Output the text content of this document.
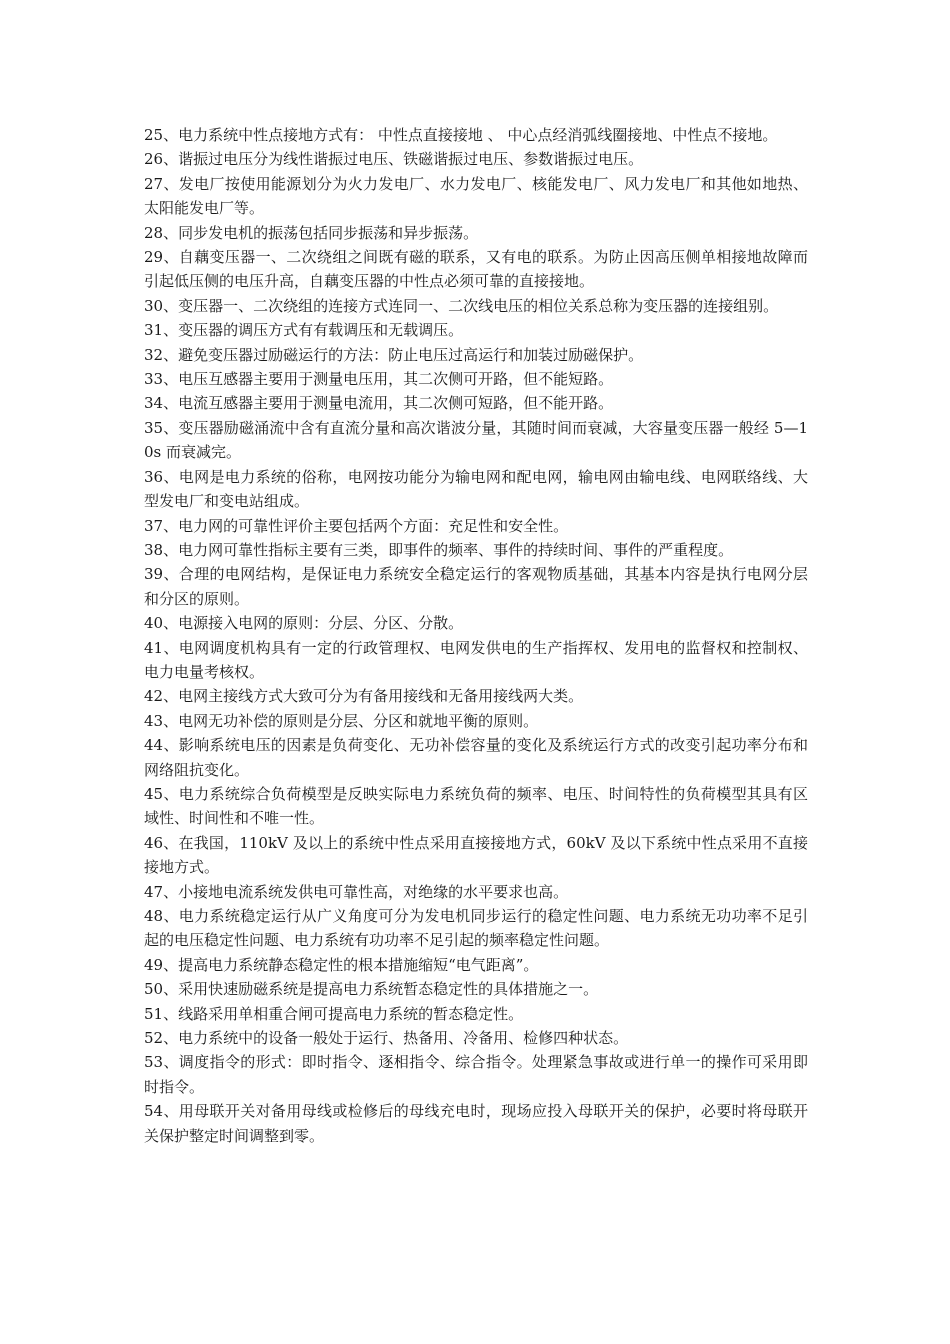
25、电力系统中性点接地方式有： 中性点直接接地 、 中心点经消弧线圈接地、中性点不接地。

26、谐振过电压分为线性谐振过电压、铁磁谐振过电压、参数谐振过电压。

27、发电厂按使用能源划分为火力发电厂、水力发电厂、核能发电厂、风力发电厂和其他如地热、太阳能发电厂等。

28、同步发电机的振荡包括同步振荡和异步振荡。

29、自藕变压器一、二次绕组之间既有磁的联系，又有电的联系。为防止因高压侧单相接地故障而引起低压侧的电压升高，自藕变压器的中性点必须可靠的直接接地。

30、变压器一、二次绕组的连接方式连同一、二次线电压的相位关系总称为变压器的连接组别。

31、变压器的调压方式有有载调压和无载调压。

32、避免变压器过励磁运行的方法：防止电压过高运行和加装过励磁保护。

33、电压互感器主要用于测量电压用，其二次侧可开路，但不能短路。

34、电流互感器主要用于测量电流用，其二次侧可短路，但不能开路。

35、变压器励磁涌流中含有直流分量和高次谐波分量，其随时间而衰减，大容量变压器一般经 5—10s 而衰减完。

36、电网是电力系统的俗称，电网按功能分为输电网和配电网，输电网由输电线、电网联络线、大型发电厂和变电站组成。

37、电力网的可靠性评价主要包括两个方面：充足性和安全性。

38、电力网可靠性指标主要有三类，即事件的频率、事件的持续时间、事件的严重程度。

39、合理的电网结构，是保证电力系统安全稳定运行的客观物质基础，其基本内容是执行电网分层和分区的原则。

40、电源接入电网的原则：分层、分区、分散。

41、电网调度机构具有一定的行政管理权、电网发供电的生产指挥权、发用电的监督权和控制权、电力电量考核权。

42、电网主接线方式大致可分为有备用接线和无备用接线两大类。

43、电网无功补偿的原则是分层、分区和就地平衡的原则。

44、影响系统电压的因素是负荷变化、无功补偿容量的变化及系统运行方式的改变引起功率分布和网络阻抗变化。

45、电力系统综合负荷模型是反映实际电力系统负荷的频率、电压、时间特性的负荷模型其具有区域性、时间性和不唯一性。

46、在我国，110kV 及以上的系统中性点采用直接接地方式，60kV 及以下系统中性点采用不直接接地方式。

47、小接地电流系统发供电可靠性高，对绝缘的水平要求也高。

48、电力系统稳定运行从广义角度可分为发电机同步运行的稳定性问题、电力系统无功功率不足引起的电压稳定性问题、电力系统有功功率不足引起的频率稳定性问题。

49、提高电力系统静态稳定性的根本措施缩短“电气距离”。

50、采用快速励磁系统是提高电力系统暂态稳定性的具体措施之一。

51、线路采用单相重合闸可提高电力系统的暂态稳定性。

52、电力系统中的设备一般处于运行、热备用、冷备用、检修四种状态。

53、调度指令的形式：即时指令、逐相指令、综合指令。处理紧急事故或进行单一的操作可采用即时指令。

54、用母联开关对备用母线或检修后的母线充电时，现场应投入母联开关的保护，必要时将母联开关保护整定时间调整到零。
